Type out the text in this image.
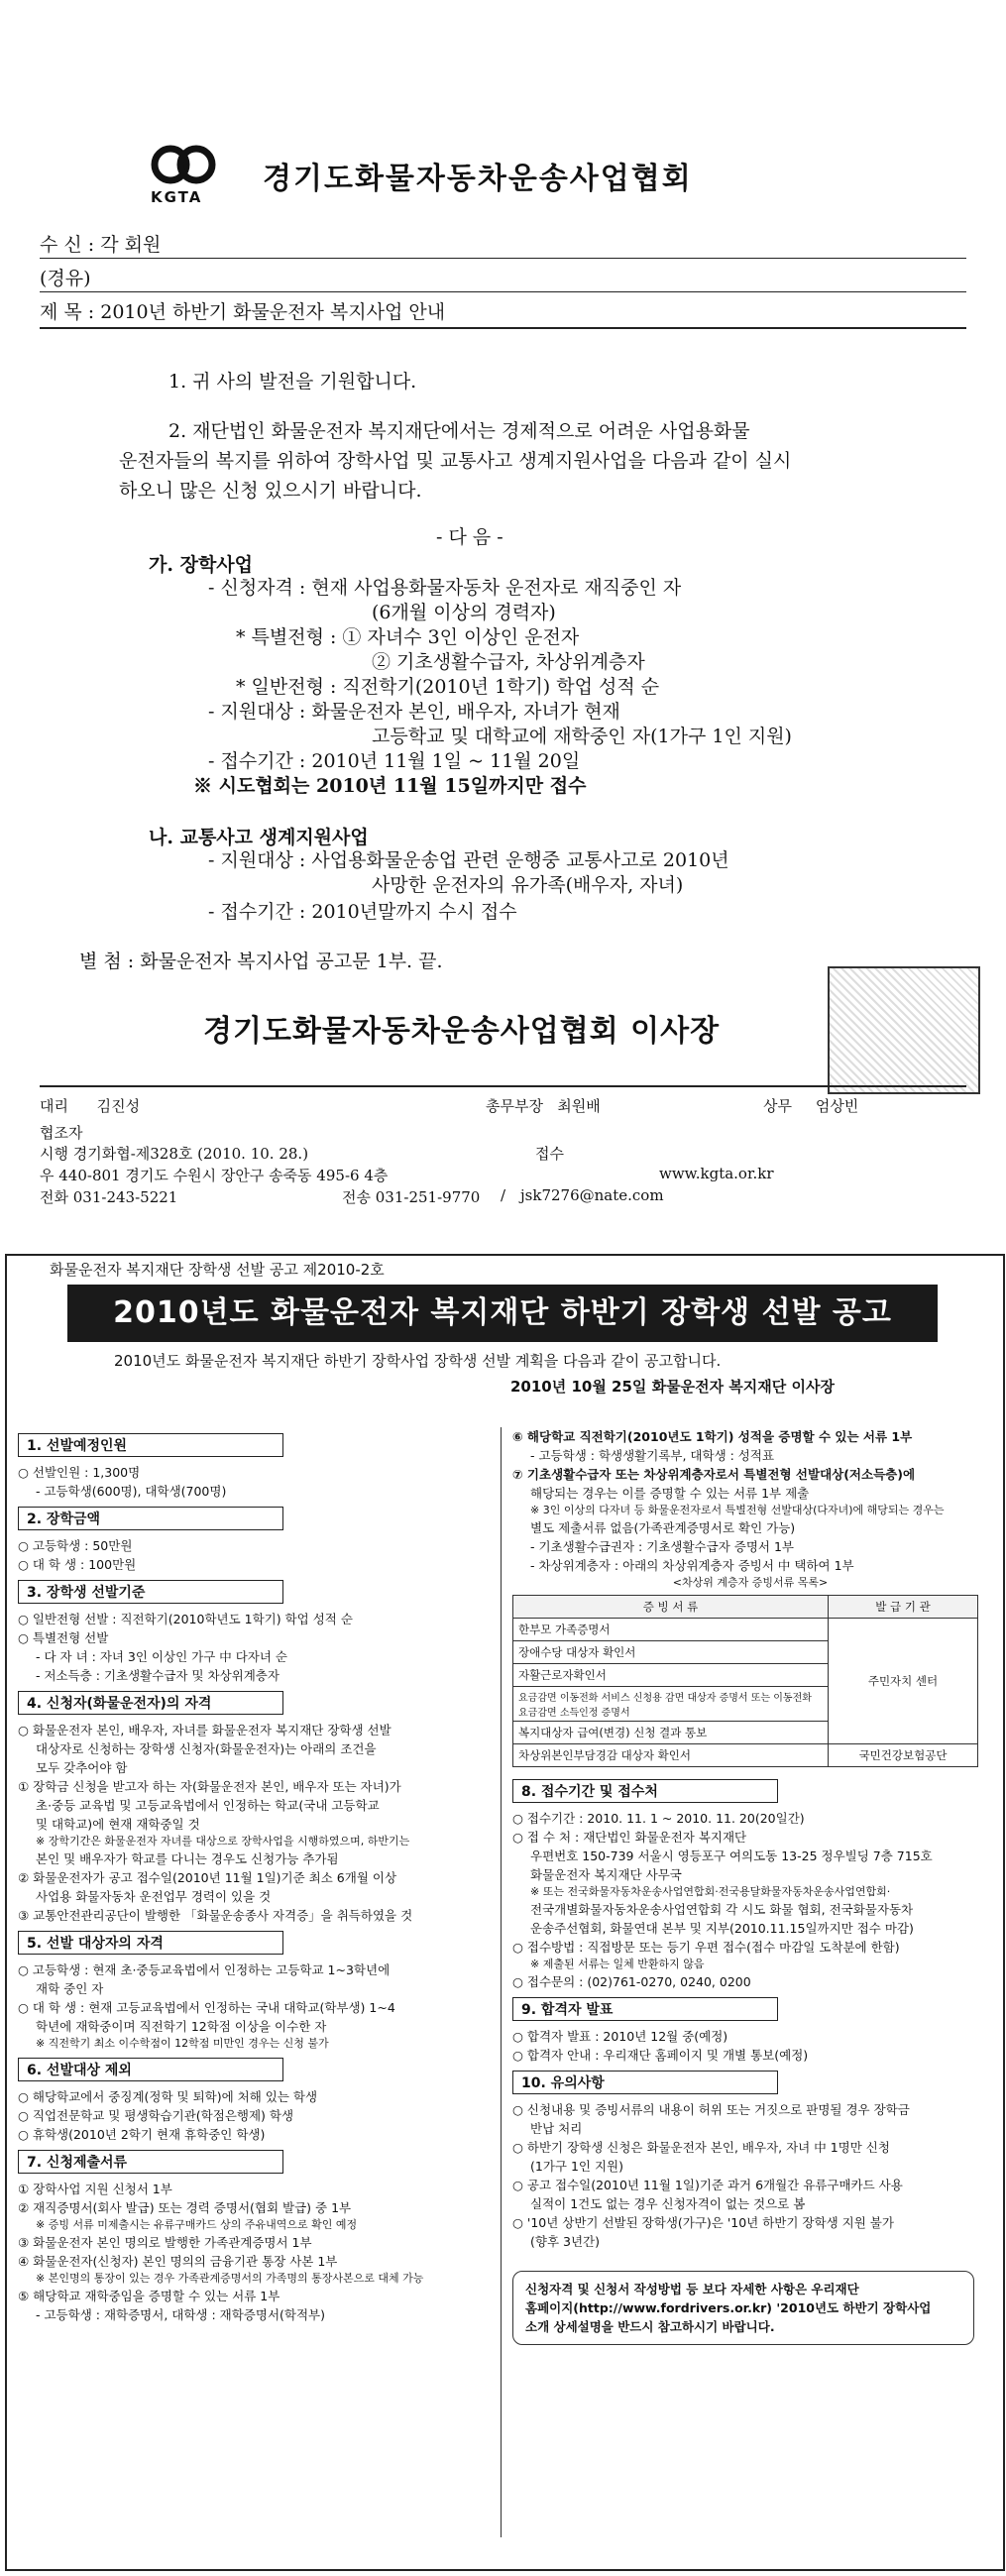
KGTA
경기도화물자동차운송사업협회
수 신 : 각 회원
(경유)
제 목 : 2010년 하반기 화물운전자 복지사업 안내
1. 귀 사의 발전을 기원합니다.
2. 재단법인 화물운전자 복지재단에서는 경제적으로 어려운 사업용화물
운전자들의 복지를 위하여 장학사업 및 교통사고 생계지원사업을 다음과 같이 실시
하오니 많은 신청 있으시기 바랍니다.
- 다 음 -
가. 장학사업
- 신청자격 : 현재 사업용화물자동차 운전자로 재직중인 자
(6개월 이상의 경력자)
* 특별전형 : ① 자녀수 3인 이상인 운전자
② 기초생활수급자, 차상위계층자
* 일반전형 : 직전학기(2010년 1학기) 학업 성적 순
- 지원대상 : 화물운전자 본인, 배우자, 자녀가 현재
고등학교 및 대학교에 재학중인 자(1가구 1인 지원)
- 접수기간 : 2010년 11월 1일 ~ 11월 20일
※ 시도협회는 2010년 11월 15일까지만 접수
나. 교통사고 생계지원사업
- 지원대상 : 사업용화물운송업 관련 운행중 교통사고로 2010년
사망한 운전자의 유가족(배우자, 자녀)
- 접수기간 : 2010년말까지 수시 접수
별 첨 : 화물운전자 복지사업 공고문 1부. 끝.
경기도화물자동차운송사업협회 이사장
대리 김진성	총무부장 최원배	상무 엄상빈
협조자
시행 경기화협-제328호 (2010. 10. 28.)	접수
우 440-801 경기도 수원시 장안구 송죽동 495-6 4층	www.kgta.or.kr
전화 031-243-5221	전송 031-251-9770 / jsk7276@nate.com
화물운전자 복지재단 장학생 선발 공고 제2010-2호
2010년도 화물운전자 복지재단 하반기 장학생 선발 공고
2010년도 화물운전자 복지재단 하반기 장학사업 장학생 선발 계획을 다음과 같이 공고합니다.
2010년 10월 25일 화물운전자 복지재단 이사장
1. 선발예정인원
○ 선발인원 : 1,300명
- 고등학생(600명), 대학생(700명)
2. 장학금액
○ 고등학생 : 50만원
○ 대 학 생 : 100만원
3. 장학생 선발기준
○ 일반전형 선발 : 직전학기(2010학년도 1학기) 학업 성적 순
○ 특별전형 선발
- 다 자 녀 : 자녀 3인 이상인 가구 中 다자녀 순
- 저소득층 : 기초생활수급자 및 차상위계층자
4. 신청자(화물운전자)의 자격
○ 화물운전자 본인, 배우자, 자녀를 화물운전자 복지재단 장학생 선발
대상자로 신청하는 장학생 신청자(화물운전자)는 아래의 조건을
모두 갖추어야 함
① 장학금 신청을 받고자 하는 자(화물운전자 본인, 배우자 또는 자녀)가
초·중등 교육법 및 고등교육법에서 인정하는 학교(국내 고등학교
및 대학교)에 현재 재학중일 것
※ 장학기간은 화물운전자 자녀를 대상으로 장학사업을 시행하였으며, 하반기는
본인 및 배우자가 학교를 다니는 경우도 신청가능 추가됨
② 화물운전자가 공고 접수일(2010년 11월 1일)기준 최소 6개월 이상
사업용 화물자동차 운전업무 경력이 있을 것
③ 교통안전관리공단이 발행한 「화물운송종사 자격증」을 취득하였을 것
5. 선발 대상자의 자격
○ 고등학생 : 현재 초·중등교육법에서 인정하는 고등학교 1~3학년에
재학 중인 자
○ 대 학 생 : 현재 고등교육법에서 인정하는 국내 대학교(학부생) 1~4
학년에 재학중이며 직전학기 12학점 이상을 이수한 자
※ 직전학기 최소 이수학점이 12학점 미만인 경우는 신청 불가
6. 선발대상 제외
○ 해당학교에서 중징계(정학 및 퇴학)에 처해 있는 학생
○ 직업전문학교 및 평생학습기관(학점은행제) 학생
○ 휴학생(2010년 2학기 현재 휴학중인 학생)
7. 신청제출서류
① 장학사업 지원 신청서 1부
② 재직증명서(회사 발급) 또는 경력 증명서(협회 발급) 중 1부
※ 증빙 서류 미제출시는 유류구매카드 상의 주유내역으로 확인 예정
③ 화물운전자 본인 명의로 발행한 가족관계증명서 1부
④ 화물운전자(신청자) 본인 명의의 금융기관 통장 사본 1부
※ 본인명의 통장이 있는 경우 가족관계증명서의 가족명의 통장사본으로 대체 가능
⑤ 해당학교 재학중임을 증명할 수 있는 서류 1부
- 고등학생 : 재학증명서, 대학생 : 재학증명서(학적부)
⑥ 해당학교 직전학기(2010년도 1학기) 성적을 증명할 수 있는 서류 1부
- 고등학생 : 학생생활기록부, 대학생 : 성적표
⑦ 기초생활수급자 또는 차상위계층자로서 특별전형 선발대상(저소득층)에
해당되는 경우는 이를 증명할 수 있는 서류 1부 제출
※ 3인 이상의 다자녀 등 화물운전자로서 특별전형 선발대상(다자녀)에 해당되는 경우는
별도 제출서류 없음(가족관계증명서로 확인 가능)
- 기초생활수급권자 : 기초생활수급자 증명서 1부
- 차상위계층자 : 아래의 차상위계층자 증빙서 中 택하여 1부
<차상위 계층자 증빙서류 목록>
증 빙 서 류	발 급 기 관
한부모 가족증명서	주민자치 센터
장애수당 대상자 확인서	
자활근로자확인서	
요금감면 이동전화 서비스 신청용 감면 대상자 증명서 또는 이동전화 요금감면 소득인정 증명서	
복지대상자 급여(변경) 신청 결과 통보	
차상위본인부담경감 대상자 확인서	국민건강보험공단
8. 접수기간 및 접수처
○ 접수기간 : 2010. 11. 1 ~ 2010. 11. 20(20일간)
○ 접 수 처 : 재단법인 화물운전자 복지재단
우편번호 150-739 서울시 영등포구 여의도동 13-25 정우빌딩 7층 715호
화물운전자 복지재단 사무국
※ 또는 전국화물자동차운송사업연합회·전국용달화물자동차운송사업연합회·
전국개별화물자동차운송사업연합회 각 시도 화물 협회, 전국화물자동차
운송주선협회, 화물연대 본부 및 지부(2010.11.15일까지만 접수 마감)
○ 접수방법 : 직접방문 또는 등기 우편 접수(접수 마감일 도착분에 한함)
※ 제출된 서류는 일체 반환하지 않음
○ 접수문의 : (02)761-0270, 0240, 0200
9. 합격자 발표
○ 합격자 발표 : 2010년 12월 중(예정)
○ 합격자 안내 : 우리재단 홈페이지 및 개별 통보(예정)
10. 유의사항
○ 신청내용 및 증빙서류의 내용이 허위 또는 거짓으로 판명될 경우 장학금
반납 처리
○ 하반기 장학생 신청은 화물운전자 본인, 배우자, 자녀 中 1명만 신청
(1가구 1인 지원)
○ 공고 접수일(2010년 11월 1일)기준 과거 6개월간 유류구매카드 사용
실적이 1건도 없는 경우 신청자격이 없는 것으로 봄
○ '10년 상반기 선발된 장학생(가구)은 '10년 하반기 장학생 지원 불가
(향후 3년간)
신청자격 및 신청서 작성방법 등 보다 자세한 사항은 우리재단
홈페이지(http://www.fordrivers.or.kr) '2010년도 하반기 장학사업
소개 상세설명을 반드시 참고하시기 바랍니다.
